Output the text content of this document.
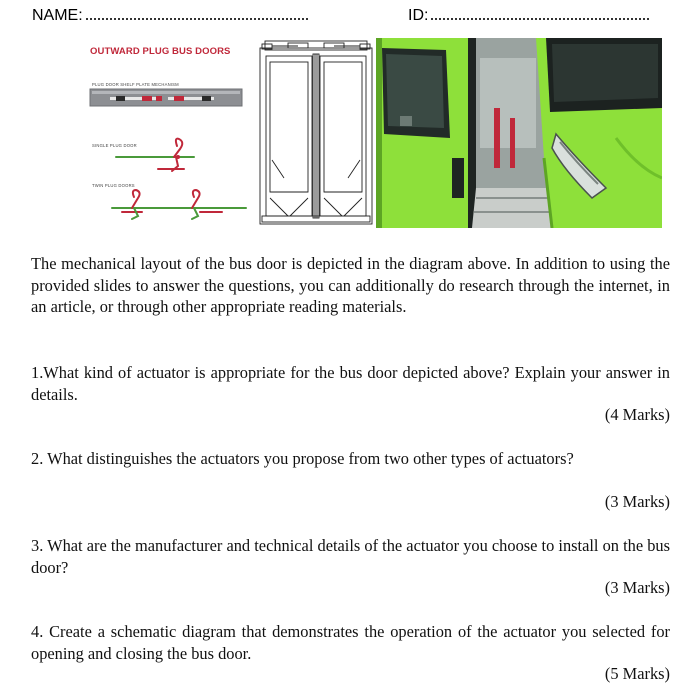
NAME:	ID:
OUTWARD PLUG BUS DOORS
PLUG DOOR SHELF PLATE MECHANISM
SINGLE PLUG DOOR
TWIN PLUG DOORS

The mechanical layout of the bus door is depicted in the diagram above. In addition to using the provided slides to answer the questions, you can additionally do research through the internet, in an article, or through other appropriate reading materials.

1.What kind of actuator is appropriate for the bus door depicted above? Explain your answer in details.

(4 Marks)

2. What distinguishes the actuators you propose from two other types of actuators?

(3 Marks)

3. What are the manufacturer and technical details of the actuator you choose to install on the bus door?

(3 Marks)

4. Create a schematic diagram that demonstrates the operation of the actuator you selected for opening and closing the bus door.

(5 Marks)
